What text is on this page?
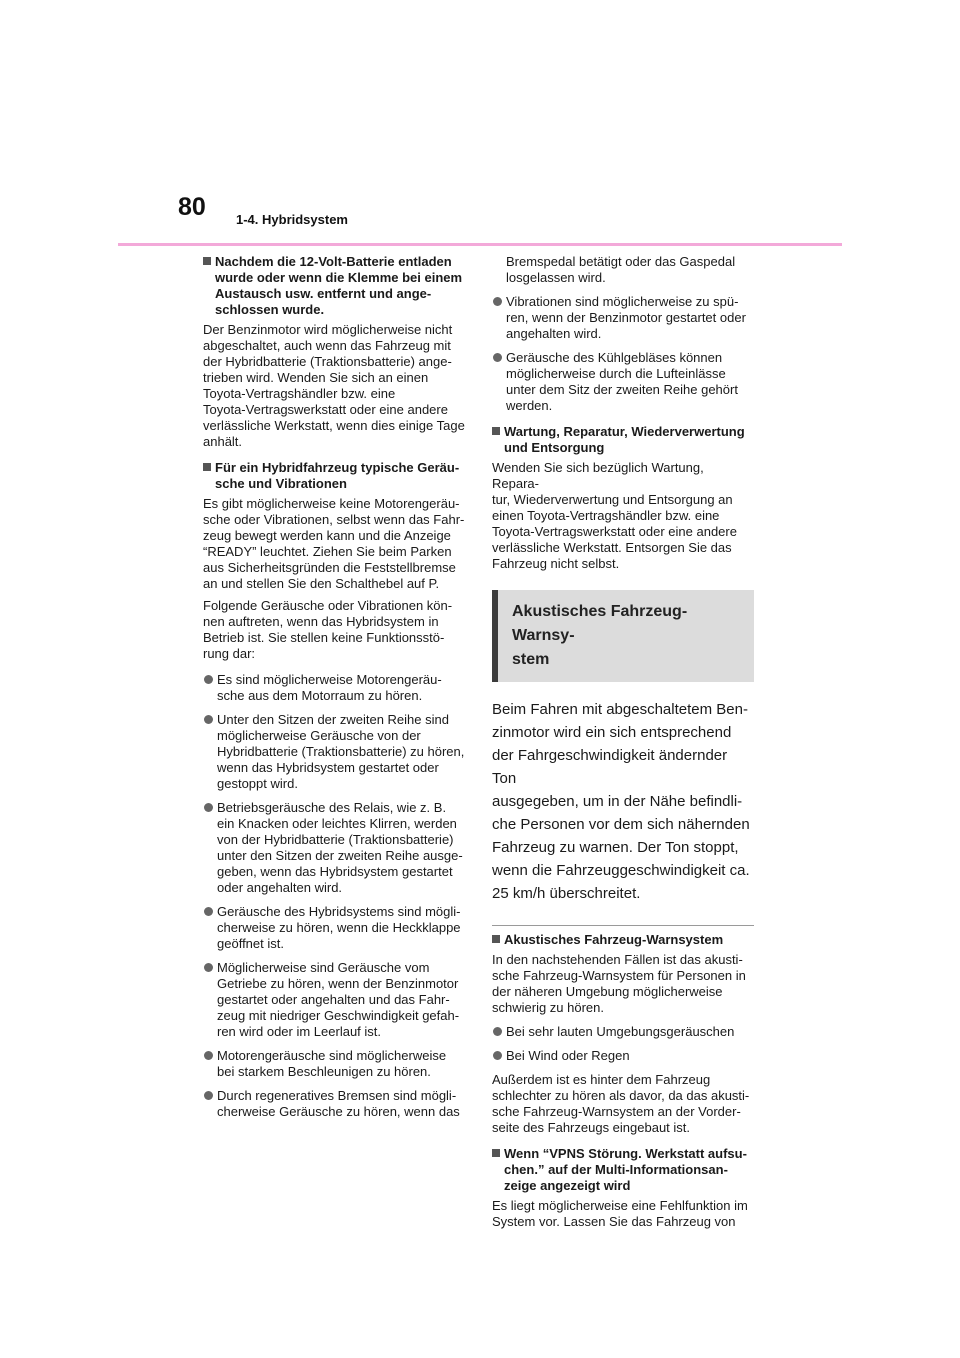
80 1-4. Hybridsystem
Nachdem die 12-Volt-Batterie entladen
wurde oder wenn die Klemme bei einem
Austausch usw. entfernt und ange-
schlossen wurde.
Der Benzinmotor wird möglicherweise nicht
abgeschaltet, auch wenn das Fahrzeug mit
der Hybridbatterie (Traktionsbatterie) ange-
trieben wird. Wenden Sie sich an einen
Toyota-Vertragshändler bzw. eine
Toyota-Vertragswerkstatt oder eine andere
verlässliche Werkstatt, wenn dies einige Tage
anhält.
Für ein Hybridfahrzeug typische Geräu-
sche und Vibrationen
Es gibt möglicherweise keine Motorengeräu-
sche oder Vibrationen, selbst wenn das Fahr-
zeug bewegt werden kann und die Anzeige
“READY” leuchtet. Ziehen Sie beim Parken
aus Sicherheitsgründen die Feststellbremse
an und stellen Sie den Schalthebel auf P.
Folgende Geräusche oder Vibrationen kön-
nen auftreten, wenn das Hybridsystem in
Betrieb ist. Sie stellen keine Funktionsstö-
rung dar:
Es sind möglicherweise Motorengeräu-
sche aus dem Motorraum zu hören.
Unter den Sitzen der zweiten Reihe sind
möglicherweise Geräusche von der
Hybridbatterie (Traktionsbatterie) zu hören,
wenn das Hybridsystem gestartet oder
gestoppt wird.
Betriebsgeräusche des Relais, wie z. B.
ein Knacken oder leichtes Klirren, werden
von der Hybridbatterie (Traktionsbatterie)
unter den Sitzen der zweiten Reihe ausge-
geben, wenn das Hybridsystem gestartet
oder angehalten wird.
Geräusche des Hybridsystems sind mögli-
cherweise zu hören, wenn die Heckklappe
geöffnet ist.
Möglicherweise sind Geräusche vom
Getriebe zu hören, wenn der Benzinmotor
gestartet oder angehalten und das Fahr-
zeug mit niedriger Geschwindigkeit gefah-
ren wird oder im Leerlauf ist.
Motorengeräusche sind möglicherweise
bei starkem Beschleunigen zu hören.
Durch regeneratives Bremsen sind mögli-
cherweise Geräusche zu hören, wenn das
Bremspedal betätigt oder das Gaspedal
losgelassen wird.
Vibrationen sind möglicherweise zu spü-
ren, wenn der Benzinmotor gestartet oder
angehalten wird.
Geräusche des Kühlgebläses können
möglicherweise durch die Lufteinlässe
unter dem Sitz der zweiten Reihe gehört
werden.
Wartung, Reparatur, Wiederverwertung
und Entsorgung
Wenden Sie sich bezüglich Wartung, Repara-
tur, Wiederverwertung und Entsorgung an
einen Toyota-Vertragshändler bzw. eine
Toyota-Vertragswerkstatt oder eine andere
verlässliche Werkstatt. Entsorgen Sie das
Fahrzeug nicht selbst.
Akustisches Fahrzeug-Warnsy-
stem
Beim Fahren mit abgeschaltetem Ben-
zinmotor wird ein sich entsprechend
der Fahrgeschwindigkeit ändernder Ton
ausgegeben, um in der Nähe befindli-
che Personen vor dem sich nähernden
Fahrzeug zu warnen. Der Ton stoppt,
wenn die Fahrzeuggeschwindigkeit ca.
25 km/h überschreitet.
Akustisches Fahrzeug-Warnsystem
In den nachstehenden Fällen ist das akusti-
sche Fahrzeug-Warnsystem für Personen in
der näheren Umgebung möglicherweise
schwierig zu hören.
Bei sehr lauten Umgebungsgeräuschen
Bei Wind oder Regen
Außerdem ist es hinter dem Fahrzeug
schlechter zu hören als davor, da das akusti-
sche Fahrzeug-Warnsystem an der Vorder-
seite des Fahrzeugs eingebaut ist.
Wenn “VPNS Störung. Werkstatt aufsu-
chen.” auf der Multi-Informationsan-
zeige angezeigt wird
Es liegt möglicherweise eine Fehlfunktion im
System vor. Lassen Sie das Fahrzeug von
